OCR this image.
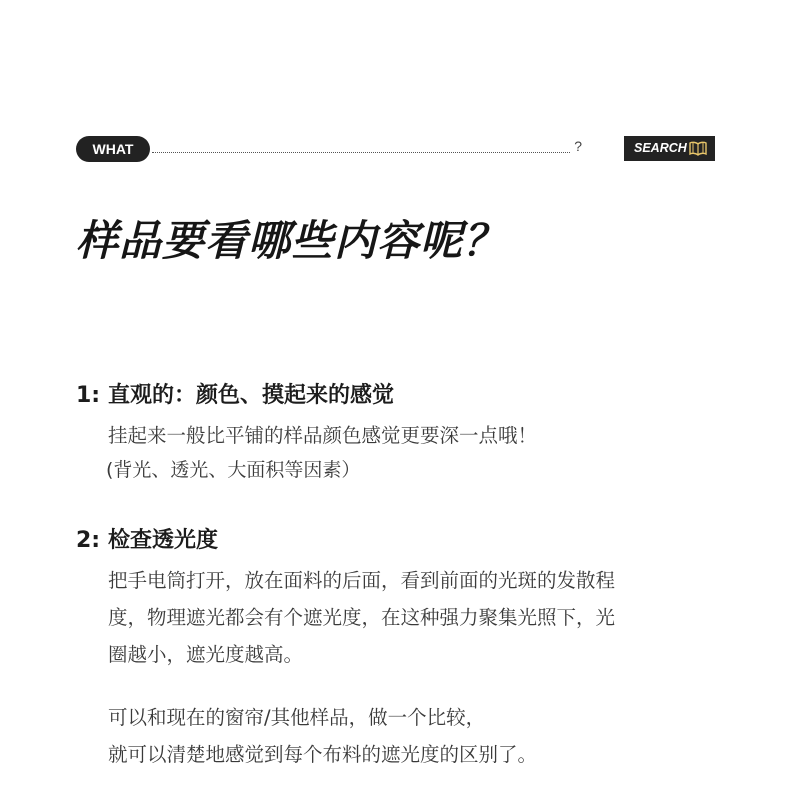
WHAT	?	SEARCH
样品要看哪些内容呢？
1: 直观的：颜色、摸起来的感觉
挂起来一般比平铺的样品颜色感觉更要深一点哦！
(背光、透光、大面积等因素）
2: 检查透光度
把手电筒打开，放在面料的后面，看到前面的光斑的发散程
度，物理遮光都会有个遮光度，在这种强力聚集光照下，光
圈越小，遮光度越高。
可以和现在的窗帘/其他样品，做一个比较，
就可以清楚地感觉到每个布料的遮光度的区别了。
